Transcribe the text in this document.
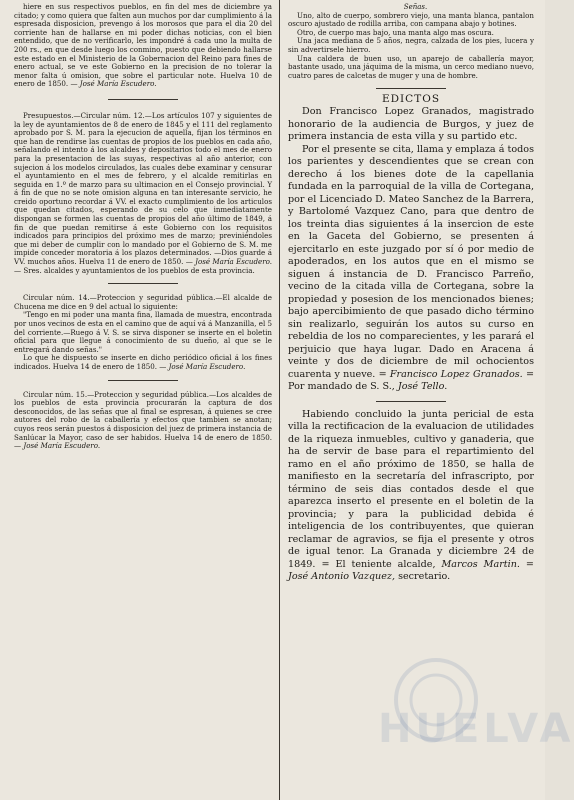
hiere en sus respectivos pueblos, en fin del mes de diciembre ya citado; y como quiera que falten aun muchos por dar cumplimiento á la espresada disposicion, prevengo á los morosos que para el dia 20 del corriente han de hallarse en mi poder dichas noticias, con el bien entendido, que de no verificarlo, les impondré á cada uno la multa de 200 rs., en que desde luego los conmino, puesto que debiendo hallarse este estado en el Ministerio de la Gobernacion del Reino para fines de enero actual, se ve este Gobierno en la precision de no tolerar la menor falta ú omision, que sobre el particular note. Huelva 10 de enero de 1850. — José María Escudero.

Presupuestos.—Circular núm. 12.—Los artículos 107 y siguientes de la ley de ayuntamientos de 8 de enero de 1845 y el 111 del reglamento aprobado por S. M. para la ejecucion de aquella, fijan los términos en que han de rendirse las cuentas de propios de los pueblos en cada año, señalando el intento á los alcaldes y depositarios todo el mes de enero para la presentacion de las suyas, respectivas al año anterior, con sujecion á los modelos circulados, las cuales debe examinar y censurar el ayuntamiento en el mes de febrero, y el alcalde remitirlas en seguida en 1.º de marzo para su ultimacion en el Consejo provincial. Y á fin de que no se note omision alguna en tan interesante servicio, he creido oportuno recordar á VV. el exacto cumplimiento de los articulos que quedan citados, esperando de su celo que inmediatamente dispongan se formen las cuentas de propios del año último de 1849, á fin de que puedan remitirse á este Gobierno con los requisitos indicados para principios del próximo mes de marzo; previniéndoles que mi deber de cumplir con lo mandado por el Gobierno de S. M. me impide conceder moratoria á los plazos determinados. —Dios guarde á VV. muchos años. Huelva 11 de enero de 1850. — José María Escudero.— Sres. alcaldes y ayuntamientos de los pueblos de esta provincia.

Circular núm. 14.—Proteccion y seguridad pública.—El alcalde de Chucena me dice en 9 del actual lo siguiente:

"Tengo en mi poder una manta fina, llamada de muestra, encontrada por unos vecinos de esta en el camino que de aquí vá á Manzanilla, el 5 del corriente.—Ruego á V. S. se sirva disponer se inserte en el boletin oficial para que llegue á conocimiento de su dueño, al que se le entregará dando señas."

Lo que he dispuesto se inserte en dicho periódico oficial á los fines indicados. Huelva 14 de enero de 1850. — José María Escudero.

Circular núm. 15.—Proteccion y seguridad pública.—Los alcaldes de los pueblos de esta provincia procurarán la captura de dos desconocidos, de las señas que al final se espresan, á quienes se cree autores del robo de la caballería y efectos que tambien se anotan; cuyos reos serán puestos á disposicion del juez de primera instancia de Sanlúcar la Mayor, caso de ser habidos. Huelva 14 de enero de 1850. — José María Escudero.

Señas.

Uno, alto de cuerpo, sombrero viejo, una manta blanca, pantalon oscuro ajustado de rodilla arriba, con campana abajo y botines.

Otro, de cuerpo mas bajo, una manta algo mas oscura.

Una jaca mediana de 5 años, negra, calzada de los pies, lucera y sin advertirsele hierro.

Una caldera de buen uso, un aparejo de caballería mayor, bastante usado, una jáquima de la misma, un cerco mediano nuevo, cuatro pares de calcetas de muger y una de hombre.

EDICTOS

Don Francisco Lopez Granados, magistrado honorario de la audiencia de Burgos, y juez de primera instancia de esta villa y su partido etc.

Por el presente se cita, llama y emplaza á todos los parientes y descendientes que se crean con derecho á los bienes dote de la capellania fundada en la parroquial de la villa de Cortegana, por el Licenciado D. Mateo Sanchez de la Barrera, y Bartolomé Vazquez Cano, para que dentro de los treinta dias siguientes á la insercion de este en la Gaceta del Gobierno, se presenten á ejercitarlo en este juzgado por sí ó por medio de apoderados, en los autos que en el mismo se siguen á instancia de D. Francisco Parreño, vecino de la citada villa de Cortegana, sobre la propiedad y posesion de los mencionados bienes; bajo apercibimiento de que pasado dicho término sin realizarlo, seguirán los autos su curso en rebeldia de los no comparecientes, y les parará el perjuicio que haya lugar. Dado en Aracena á veinte y dos de diciembre de mil ochocientos cuarenta y nueve. = Francisco Lopez Granados. = Por mandado de S. S., José Tello.

Habiendo concluido la junta pericial de esta villa la rectificacion de la evaluacion de utilidades de la riqueza inmuebles, cultivo y ganaderia, que ha de servir de base para el repartimiento del ramo en el año próximo de 1850, se halla de manifiesto en la secretaría del infrascripto, por término de seis dias contados desde el que aparezca inserto el presente en el boletin de la provincia; y para la publicidad debida é inteligencia de los contribuyentes, que quieran reclamar de agravios, se fija el presente y otros de igual tenor. La Granada y diciembre 24 de 1849. = El teniente alcalde, Marcos Martin. = José Antonio Vazquez, secretario.

HUELVA
